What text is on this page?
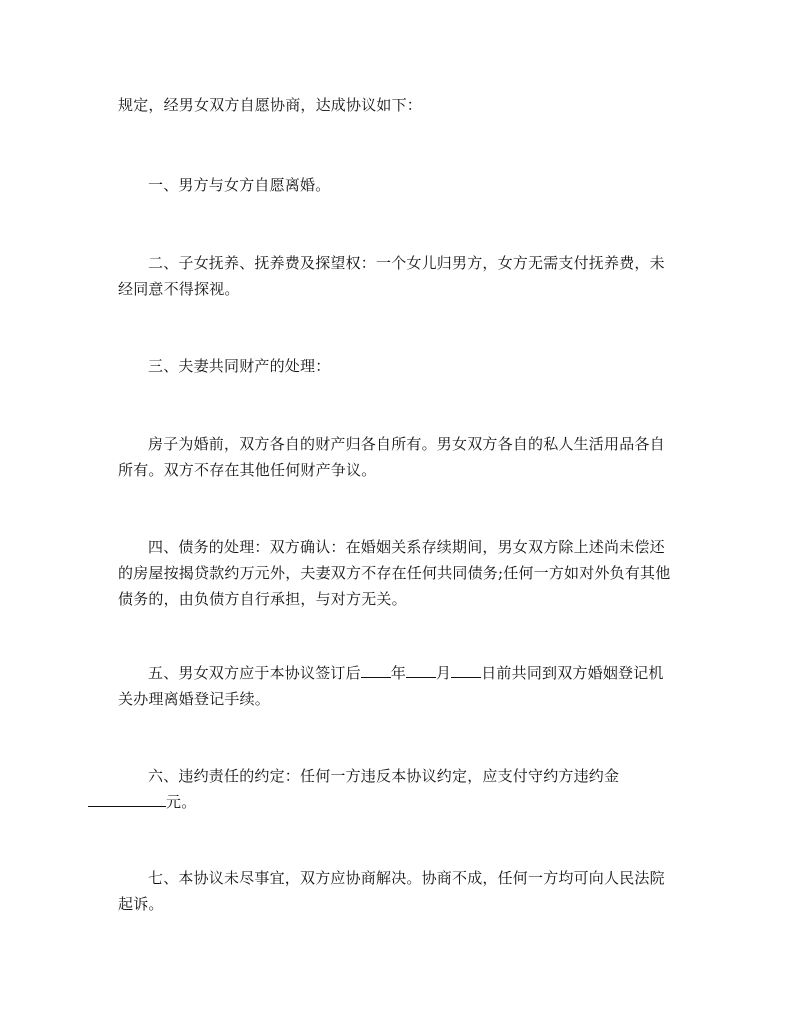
规定，经男女双方自愿协商，达成协议如下：

一、男方与女方自愿离婚。

二、子女抚养、抚养费及探望权：一个女儿归男方，女方无需支付抚养费，未经同意不得探视。

三、夫妻共同财产的处理：

房子为婚前，双方各自的财产归各自所有。男女双方各自的私人生活用品各自所有。双方不存在其他任何财产争议。

四、债务的处理：双方确认：在婚姻关系存续期间，男女双方除上述尚未偿还的房屋按揭贷款约万元外，夫妻双方不存在任何共同债务;任何一方如对外负有其他债务的，由负债方自行承担，与对方无关。

五、男女双方应于本协议签订后 年 月 日前共同到双方婚姻登记机关办理离婚登记手续。

六、违约责任的约定：任何一方违反本协议约定，应支付守约方违约金
元。

七、本协议未尽事宜，双方应协商解决。协商不成，任何一方均可向人民法院起诉。
